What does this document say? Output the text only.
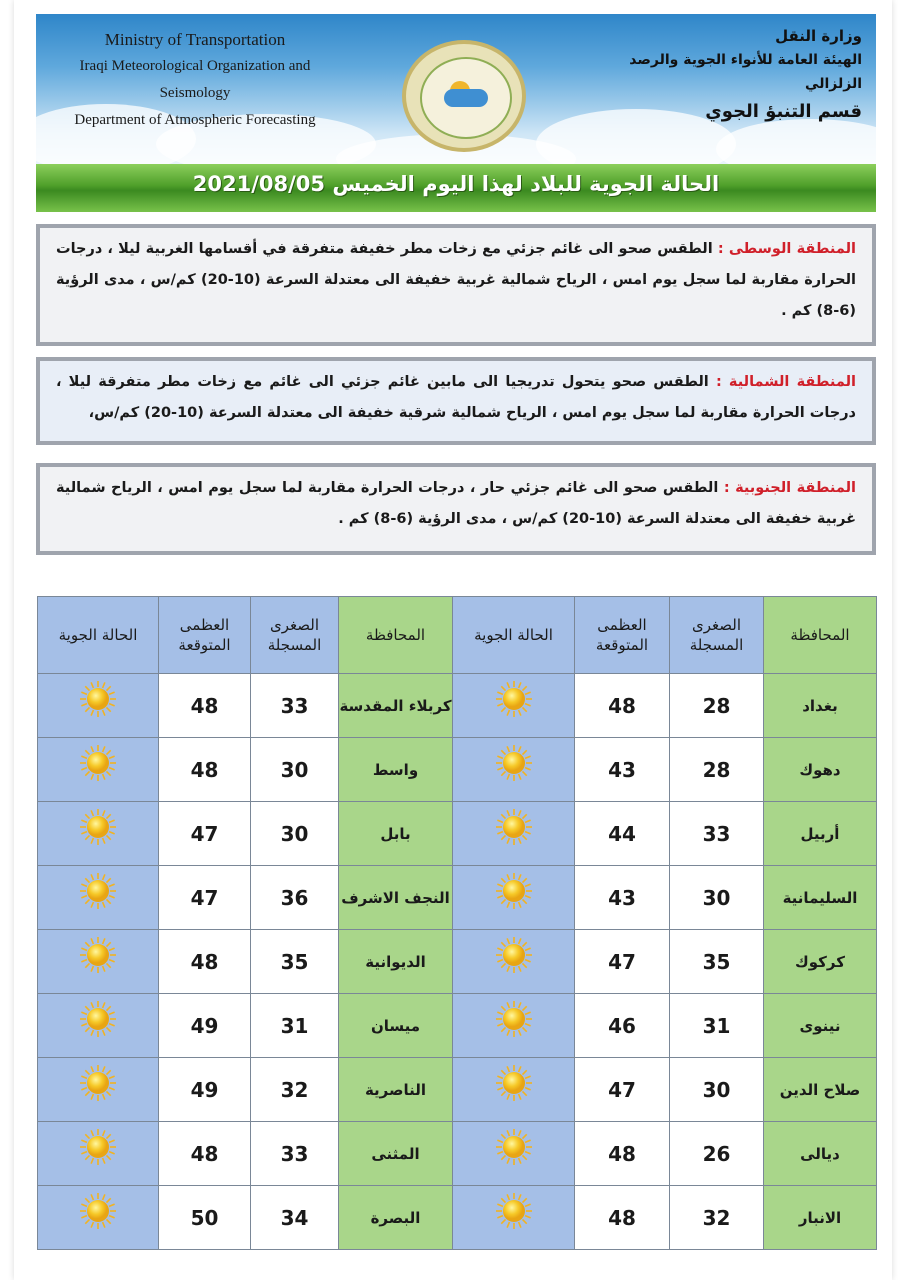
Ministry of Transportation
Iraqi Meteorological Organization and Seismology
Department of Atmospheric Forecasting
وزارة النقل
الهيئة العامة للأنواء الجوية والرصد الزلزالي
قسم التنبؤ الجوي
الحالة الجوية للبلاد لهذا اليوم الخميس 2021/08/05
المنطقة الوسطى : الطقس صحو الى غائم جزئي مع زخات مطر خفيفة متفرقة في أقسامها الغربية ليلا ، درجات الحرارة مقاربة لما سجل يوم امس ، الرياح شمالية غربية خفيفة الى معتدلة السرعة (10-20) كم/س ، مدى الرؤية (6-8) كم .
المنطقة الشمالية : الطقس صحو يتحول تدريجيا الى مابين غائم جزئي الى غائم مع زخات مطر متفرقة ليلا ، درجات الحرارة مقاربة لما سجل يوم امس ، الرياح شمالية شرقية خفيفة الى معتدلة السرعة (10-20) كم/س،
المنطقة الجنوبية : الطقس صحو الى غائم جزئي حار ، درجات الحرارة مقاربة لما سجل يوم امس ، الرياح شمالية غربية خفيفة الى معتدلة السرعة (10-20) كم/س ، مدى الرؤية (6-8) كم .
المحافظة	الصغرى المسجلة	العظمى المتوقعة	الحالة الجوية	المحافظة	الصغرى المسجلة	العظمى المتوقعة	الحالة الجوية
بغداد	28	48		كربلاء المقدسة	33	48	
دهوك	28	43		واسط	30	48	
أربيل	33	44		بابل	30	47	
السليمانية	30	43		النجف الاشرف	36	47	
كركوك	35	47		الديوانية	35	48	
نينوى	31	46		ميسان	31	49	
صلاح الدين	30	47		الناصرية	32	49	
ديالى	26	48		المثنى	33	48	
الانبار	32	48		البصرة	34	50	
